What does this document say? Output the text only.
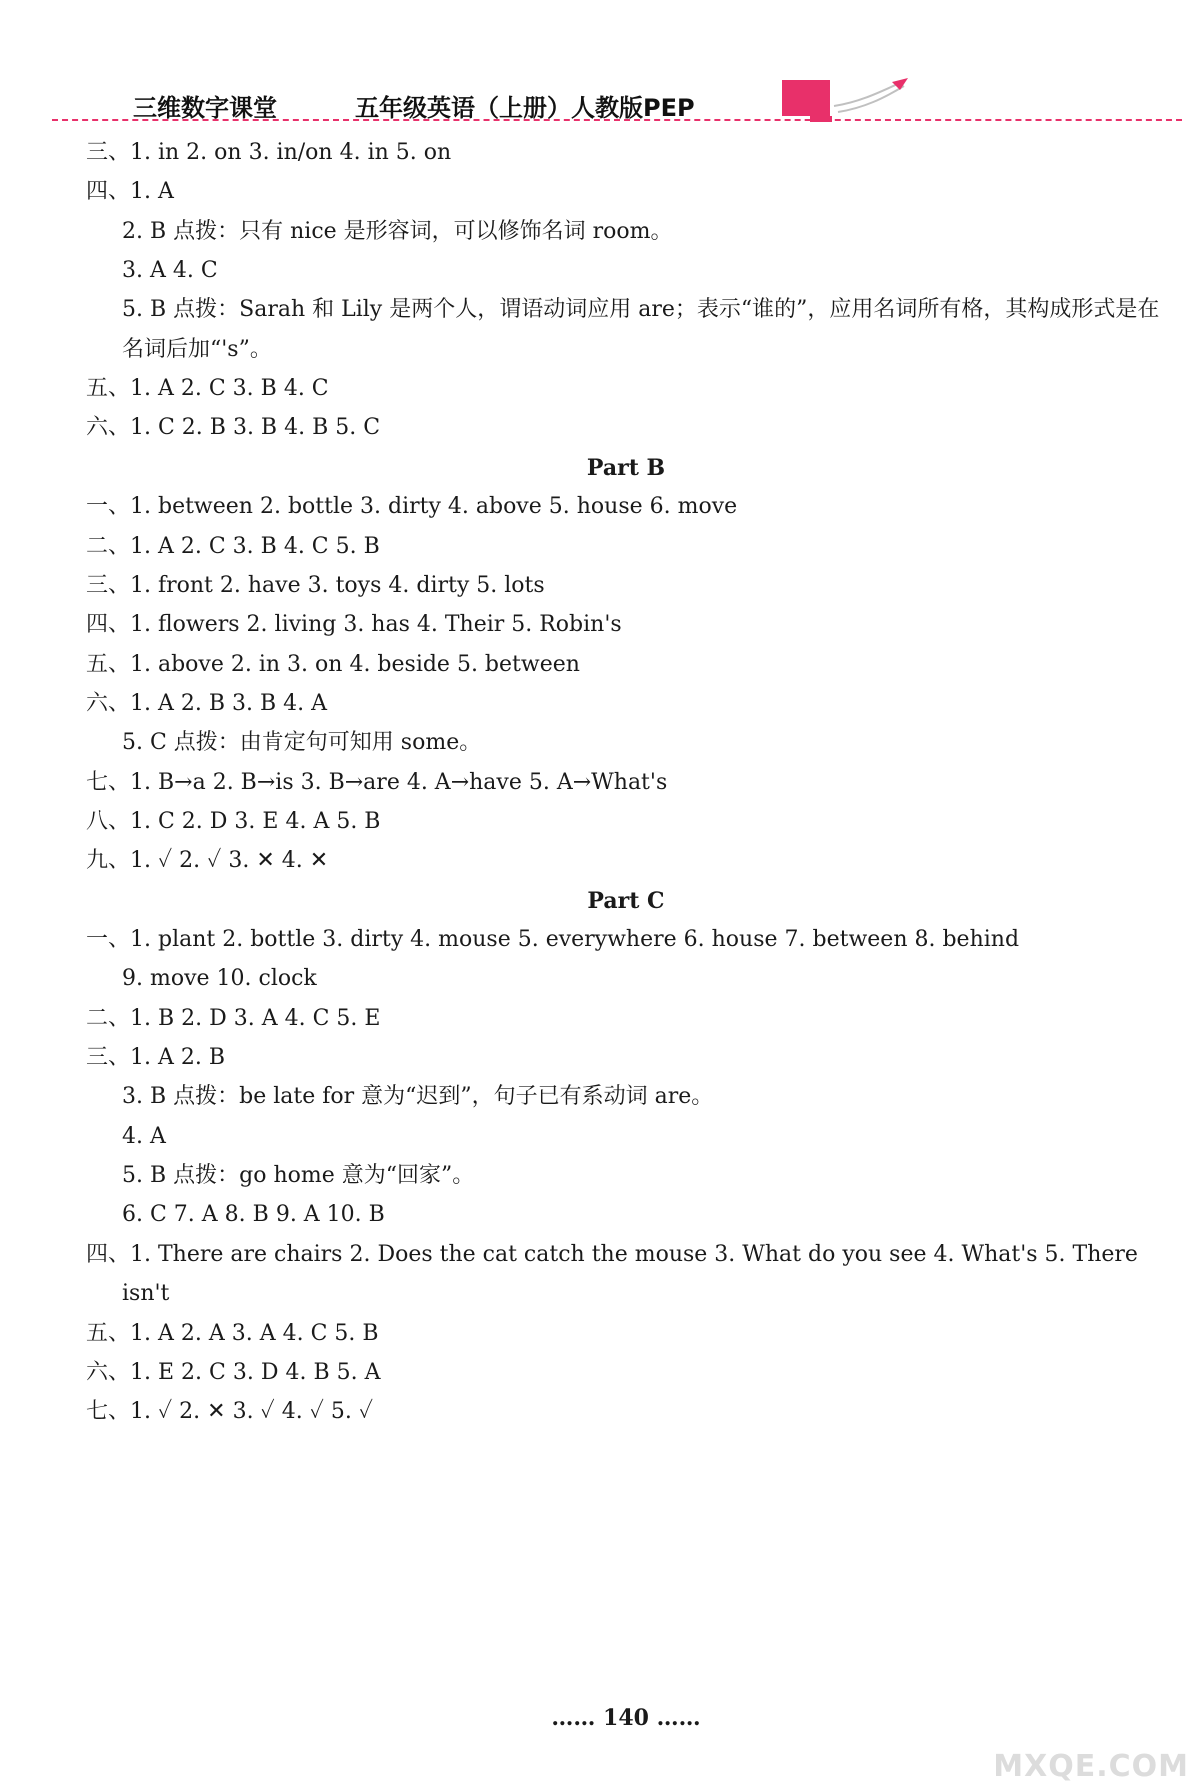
三维数字课堂	五年级英语（上册）人教版PEP
三、1. in 2. on 3. in/on 4. in 5. on
四、1. A
2. B 点拨：只有 nice 是形容词，可以修饰名词 room。
3. A 4. C
5. B 点拨：Sarah 和 Lily 是两个人，谓语动词应用 are；表示“谁的”，应用名词所有格，其构成形式是在
名词后加“'s”。
五、1. A 2. C 3. B 4. C
六、1. C 2. B 3. B 4. B 5. C
Part B
一、1. between 2. bottle 3. dirty 4. above 5. house 6. move
二、1. A 2. C 3. B 4. C 5. B
三、1. front 2. have 3. toys 4. dirty 5. lots
四、1. flowers 2. living 3. has 4. Their 5. Robin's
五、1. above 2. in 3. on 4. beside 5. between
六、1. A 2. B 3. B 4. A
5. C 点拨：由肯定句可知用 some。
七、1. B→a 2. B→is 3. B→are 4. A→have 5. A→What's
八、1. C 2. D 3. E 4. A 5. B
九、1. ✓ 2. ✓ 3. ✕ 4. ✕
Part C
一、1. plant 2. bottle 3. dirty 4. mouse 5. everywhere 6. house 7. between 8. behind
9. move 10. clock
二、1. B 2. D 3. A 4. C 5. E
三、1. A 2. B
3. B 点拨：be late for 意为“迟到”，句子已有系动词 are。
4. A
5. B 点拨：go home 意为“回家”。
6. C 7. A 8. B 9. A 10. B
四、1. There are chairs 2. Does the cat catch the mouse 3. What do you see 4. What's 5. There
isn't
五、1. A 2. A 3. A 4. C 5. B
六、1. E 2. C 3. D 4. B 5. A
七、1. ✓ 2. ✕ 3. ✓ 4. ✓ 5. ✓
…… 140 ……
MXQE.COM
